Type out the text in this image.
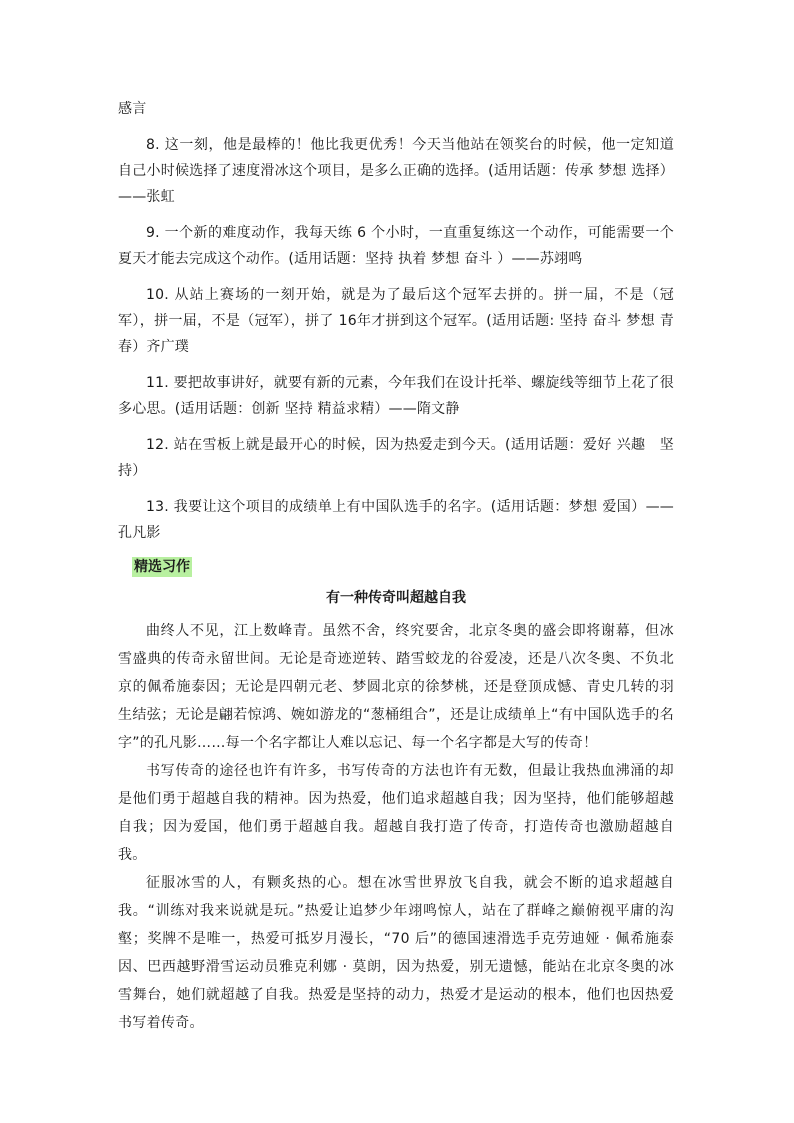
感言

8. 这一刻，他是最棒的！他比我更优秀！今天当他站在领奖台的时候，他一定知道自己小时候选择了速度滑冰这个项目，是多么正确的选择。(适用话题：传承 梦想 选择）——张虹

9. 一个新的难度动作，我每天练 6 个小时，一直重复练这一个动作，可能需要一个夏天才能去完成这个动作。(适用话题：坚持 执着 梦想 奋斗 ）——苏翊鸣

10. 从站上赛场的一刻开始，就是为了最后这个冠军去拼的。拼一届，不是（冠军），拼一届，不是（冠军），拼了 16年才拼到这个冠军。(适用话题: 坚持 奋斗 梦想 青春）齐广璞

11. 要把故事讲好，就要有新的元素，今年我们在设计托举、螺旋线等细节上花了很多心思。(适用话题：创新 坚持 精益求精）——隋文静

12. 站在雪板上就是最开心的时候，因为热爱走到今天。(适用话题：爱好 兴趣　坚持）

13. 我要让这个项目的成绩单上有中国队选手的名字。(适用话题：梦想 爱国）——孔凡影

精选习作
有一种传奇叫超越自我

曲终人不见，江上数峰青。虽然不舍，终究要舍，北京冬奥的盛会即将谢幕，但冰雪盛典的传奇永留世间。无论是奇迹逆转、踏雪蛟龙的谷爱凌，还是八次冬奥、不负北京的佩希施泰因；无论是四朝元老、梦圆北京的徐梦桃，还是登顶成憾、青史几转的羽生结弦；无论是翩若惊鸿、婉如游龙的“葱桶组合”，还是让成绩单上“有中国队选手的名字”的孔凡影……每一个名字都让人难以忘记、每一个名字都是大写的传奇！

书写传奇的途径也许有许多，书写传奇的方法也许有无数，但最让我热血沸涌的却是他们勇于超越自我的精神。因为热爱，他们追求超越自我；因为坚持，他们能够超越自我；因为爱国，他们勇于超越自我。超越自我打造了传奇，打造传奇也激励超越自我。

征服冰雪的人，有颗炙热的心。想在冰雪世界放飞自我，就会不断的追求超越自我。“训练对我来说就是玩。”热爱让追梦少年翊鸣惊人，站在了群峰之巅俯视平庸的沟壑；奖牌不是唯一，热爱可抵岁月漫长，“70 后”的德国速滑选手克劳迪娅 · 佩希施泰因、巴西越野滑雪运动员雅克利娜 · 莫朗，因为热爱，别无遗憾，能站在北京冬奥的冰雪舞台，她们就超越了自我。热爱是坚持的动力，热爱才是运动的根本，他们也因热爱书写着传奇。
